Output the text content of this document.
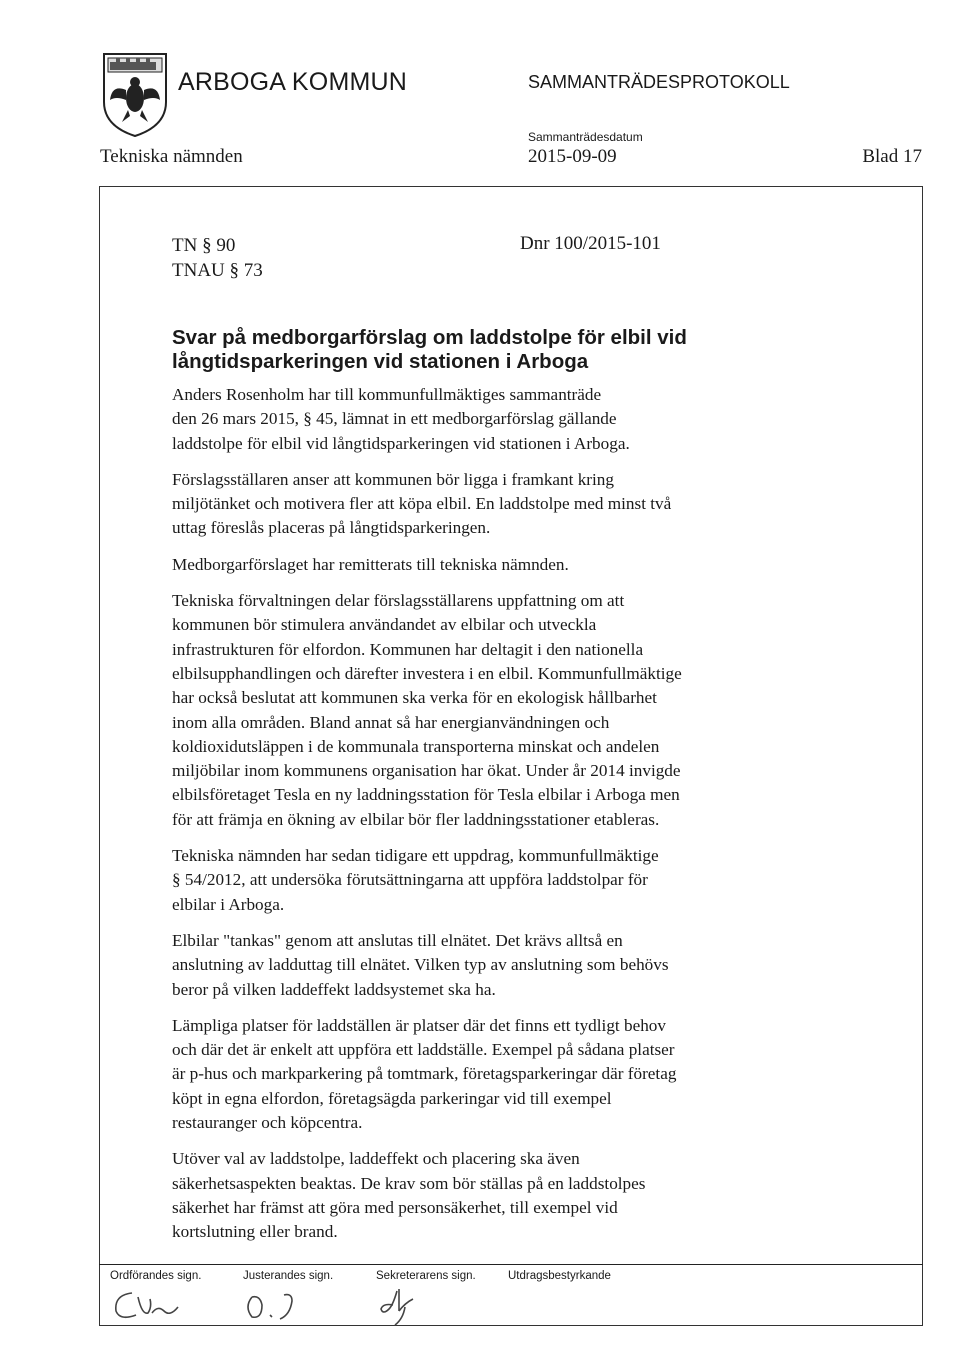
ARBOGA KOMMUN	SAMMANTRÄDESPROTOKOLL
Sammanträdesdatum
Tekniska nämnden	2015-09-09	Blad 17
TN § 90
TNAU § 73
Dnr 100/2015-101
Svar på medborgarförslag om laddstolpe för elbil vid långtidsparkeringen vid stationen i Arboga

Anders Rosenholm har till kommunfullmäktiges sammanträde
den 26 mars 2015, § 45, lämnat in ett medborgarförslag gällande
laddstolpe för elbil vid långtidsparkeringen vid stationen i Arboga.

Förslagsställaren anser att kommunen bör ligga i framkant kring
miljötänket och motivera fler att köpa elbil. En laddstolpe med minst två
uttag föreslås placeras på långtidsparkeringen.

Medborgarförslaget har remitterats till tekniska nämnden.

Tekniska förvaltningen delar förslagsställarens uppfattning om att
kommunen bör stimulera användandet av elbilar och utveckla
infrastrukturen för elfordon. Kommunen har deltagit i den nationella
elbilsupphandlingen och därefter investera i en elbil. Kommunfullmäktige
har också beslutat att kommunen ska verka för en ekologisk hållbarhet
inom alla områden. Bland annat så har energianvändningen och
koldioxidutsläppen i de kommunala transporterna minskat och andelen
miljöbilar inom kommunens organisation har ökat. Under år 2014 invigde
elbilsföretaget Tesla en ny laddningsstation för Tesla elbilar i Arboga men
för att främja en ökning av elbilar bör fler laddningsstationer etableras.

Tekniska nämnden har sedan tidigare ett uppdrag, kommunfullmäktige
§ 54/2012, att undersöka förutsättningarna att uppföra laddstolpar för
elbilar i Arboga.

Elbilar "tankas" genom att anslutas till elnätet. Det krävs alltså en
anslutning av ladduttag till elnätet. Vilken typ av anslutning som behövs
beror på vilken laddeffekt laddsystemet ska ha.

Lämpliga platser för laddställen är platser där det finns ett tydligt behov
och där det är enkelt att uppföra ett laddställe. Exempel på sådana platser
är p-hus och markparkering på tomtmark, företagsparkeringar där företag
köpt in egna elfordon, företagsägda parkeringar vid till exempel
restauranger och köpcentra.

Utöver val av laddstolpe, laddeffekt och placering ska även
säkerhetsaspekten beaktas. De krav som bör ställas på en laddstolpes
säkerhet har främst att göra med personsäkerhet, till exempel vid
kortslutning eller brand.

Ordförandes sign.	Justerandes sign.	Sekreterarens sign.	Utdragsbestyrkande
